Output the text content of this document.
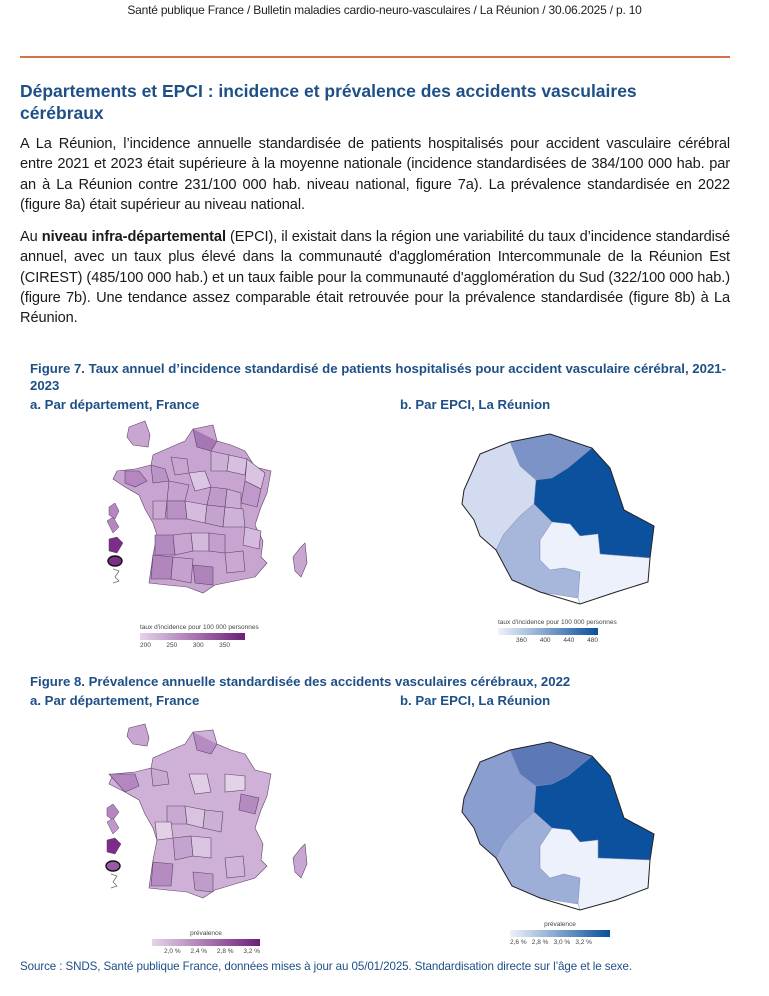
Santé publique France / Bulletin maladies cardio-neuro-vasculaires / La Réunion / 30.06.2025 / p. 10
Départements et EPCI : incidence et prévalence des accidents vasculaires cérébraux

A La Réunion, l’incidence annuelle standardisée de patients hospitalisés pour accident vasculaire cérébral entre 2021 et 2023 était supérieure à la moyenne nationale (incidence standardisées de 384/100 000 hab. par an à La Réunion contre 231/100 000 hab. niveau national, figure 7a). La prévalence standardisée en 2022 (figure 8a) était supérieur au niveau national.

Au niveau infra-départemental (EPCI), il existait dans la région une variabilité du taux d’incidence standardisé annuel, avec un taux plus élevé dans la communauté d'agglomération Intercommunale de la Réunion Est (CIREST) (485/100 000 hab.) et un taux faible pour la communauté d'agglomération du Sud (322/100 000 hab.) (figure 7b). Une tendance assez comparable était retrouvée pour la prévalence standardisée (figure 8b) à La Réunion.

Figure 7. Taux annuel d’incidence standardisé de patients hospitalisés pour accident vasculaire cérébral, 2021-2023
a. Par département, France	b. Par EPCI, La Réunion
taux d'incidence pour 100 000 personnes
200 250 300 350
taux d'incidence pour 100 000 personnes
360 400 440 480
Figure 8. Prévalence annuelle standardisée des accidents vasculaires cérébraux, 2022
a. Par département, France	b. Par EPCI, La Réunion
prévalence
2,0 % 2,4 % 2,8 % 3,2 %
prévalence
2,6 % 2,8 % 3,0 % 3,2 %
Source : SNDS, Santé publique France, données mises à jour au 05/01/2025. Standardisation directe sur l’âge et le sexe.
